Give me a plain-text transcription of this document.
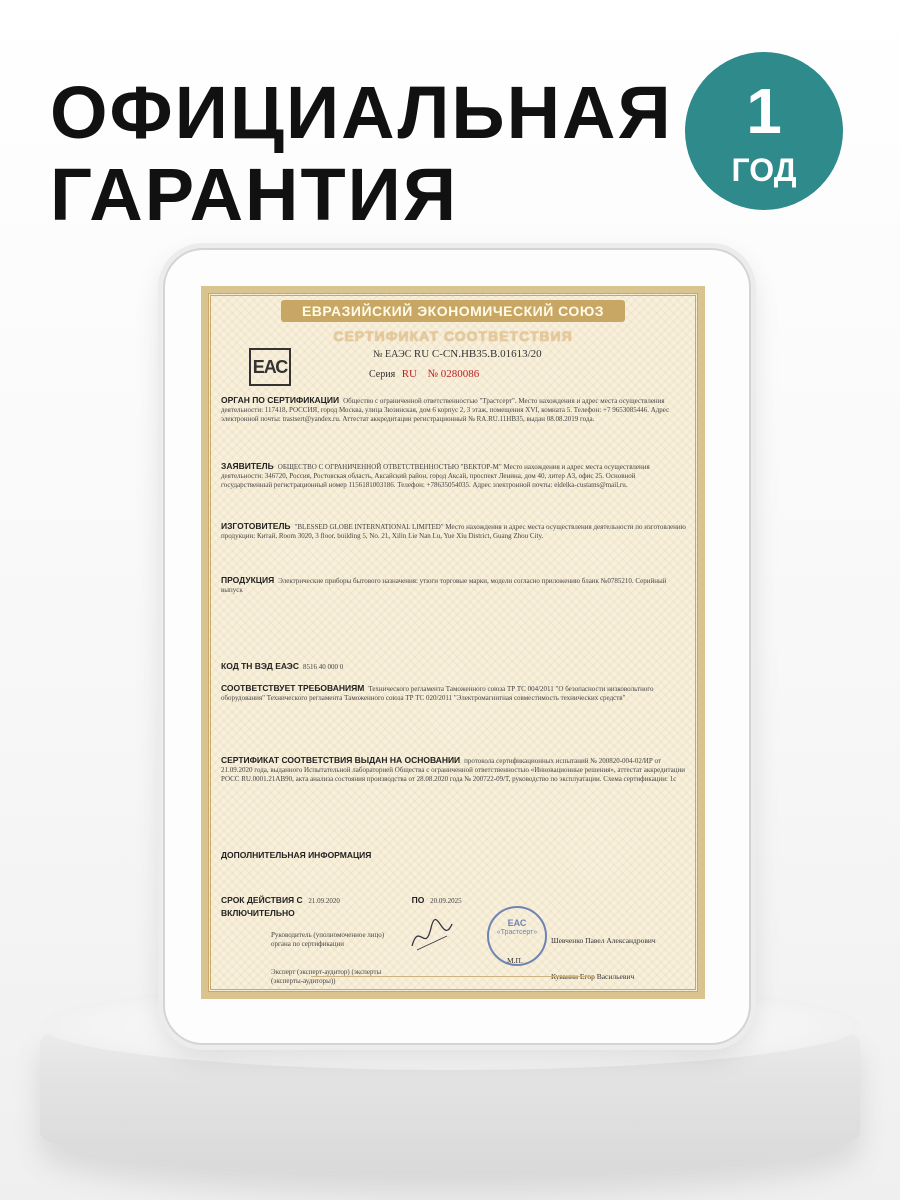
ОФИЦИАЛЬНАЯ
ГАРАНТИЯ
1
ГОД
ЕВРАЗИЙСКИЙ ЭКОНОМИЧЕСКИЙ СОЮЗ
СЕРТИФИКАТ СООТВЕТСТВИЯ
ЕАС
№ ЕАЭС RU C-CN.HB35.B.01613/20
Серия RU № 0280086

ОРГАН ПО СЕРТИФИКАЦИИ Общество с ограниченной ответственностью "Трастсерт". Место нахождения и адрес места осуществления деятельности: 117418, РОССИЯ, город Москва, улица Зюзинская, дом 6 корпус 2, 3 этаж, помещения XVI, комната 5. Телефон: +7 9653085446. Адрес электронной почты: trastsert@yandex.ru. Аттестат аккредитации регистрационный № RA.RU.11HB35, выдан 08.08.2019 года.

ЗАЯВИТЕЛЬ ОБЩЕСТВО С ОГРАНИЧЕННОЙ ОТВЕТСТВЕННОСТЬЮ "ВЕКТОР-М" Место нахождения и адрес места осуществления деятельности: 346720, Россия, Ростовская область, Аксайский район, город Аксай, проспект Ленина, дом 40, литер А3, офис 25. Основной государственный регистрационный номер 1156181003186. Телефон: +78635054035. Адрес электронной почты: eldelka-custams@mail.ru.

ИЗГОТОВИТЕЛЬ "BLESSED GLOBE INTERNATIONAL LIMITED" Место нахождения и адрес места осуществления деятельности по изготовлению продукции: Китай, Room 3020, 3 floor, building 5, No. 21, Xilin Lie Nan Lu, Yue Xiu District, Guang Zhou City.

ПРОДУКЦИЯ Электрические приборы бытового назначения: утюги торговые марки, модели согласно приложению бланк №0785210. Серийный выпуск

КОД ТН ВЭД ЕАЭС 8516 40 000 0

СООТВЕТСТВУЕТ ТРЕБОВАНИЯМ Технического регламента Таможенного союза ТР ТС 004/2011 "О безопасности низковольтного оборудования" Технического регламента Таможенного союза ТР ТС 020/2011 "Электромагнитная совместимость технических средств"

СЕРТИФИКАТ СООТВЕТСТВИЯ ВЫДАН НА ОСНОВАНИИ протокола сертификационных испытаний № 200820-004-02/ИР от 21.09.2020 года, выданного Испытательной лабораторией Общества с ограниченной ответственностью «Инновационные решения», аттестат аккредитации РОСС RU.0001.21АВ90, акта анализа состояния производства от 28.08.2020 года № 200722-09/Т, руководство по эксплуатации. Схема сертификации: 1с

ДОПОЛНИТЕЛЬНАЯ ИНФОРМАЦИЯ

СРОК ДЕЙСТВИЯ С 21.09.2020	ПО 20.09.2025
ВКЛЮЧИТЕЛЬНО
Руководитель (уполномоченное лицо) органа по сертификации
ЕАС
«Трастсерт»
М.П.
Шевченко Павел Александрович
Эксперт (эксперт-аудитор) (эксперты (эксперты-аудиторы))	Куванин Егор Васильевич
